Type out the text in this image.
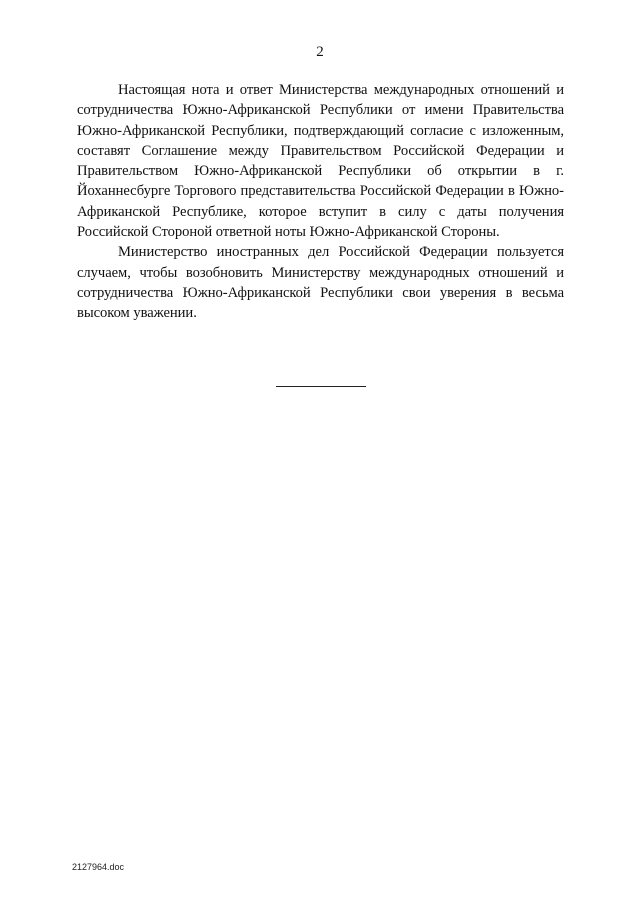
2

Настоящая нота и ответ Министерства международных отношений и сотрудничества Южно-Африканской Республики от имени Правительства Южно-Африканской Республики, подтверждающий согласие с изложенным, составят Соглашение между Правительством Российской Федерации и Правительством Южно-Африканской Республики об открытии в г. Йоханнесбурге Торгового представительства Российской Федерации в Южно-Африканской Республике, которое вступит в силу с даты получения Российской Стороной ответной ноты Южно-Африканской Стороны.

Министерство иностранных дел Российской Федерации пользуется случаем, чтобы возобновить Министерству международных отношений и сотрудничества Южно-Африканской Республики свои уверения в весьма высоком уважении.

2127964.doc
